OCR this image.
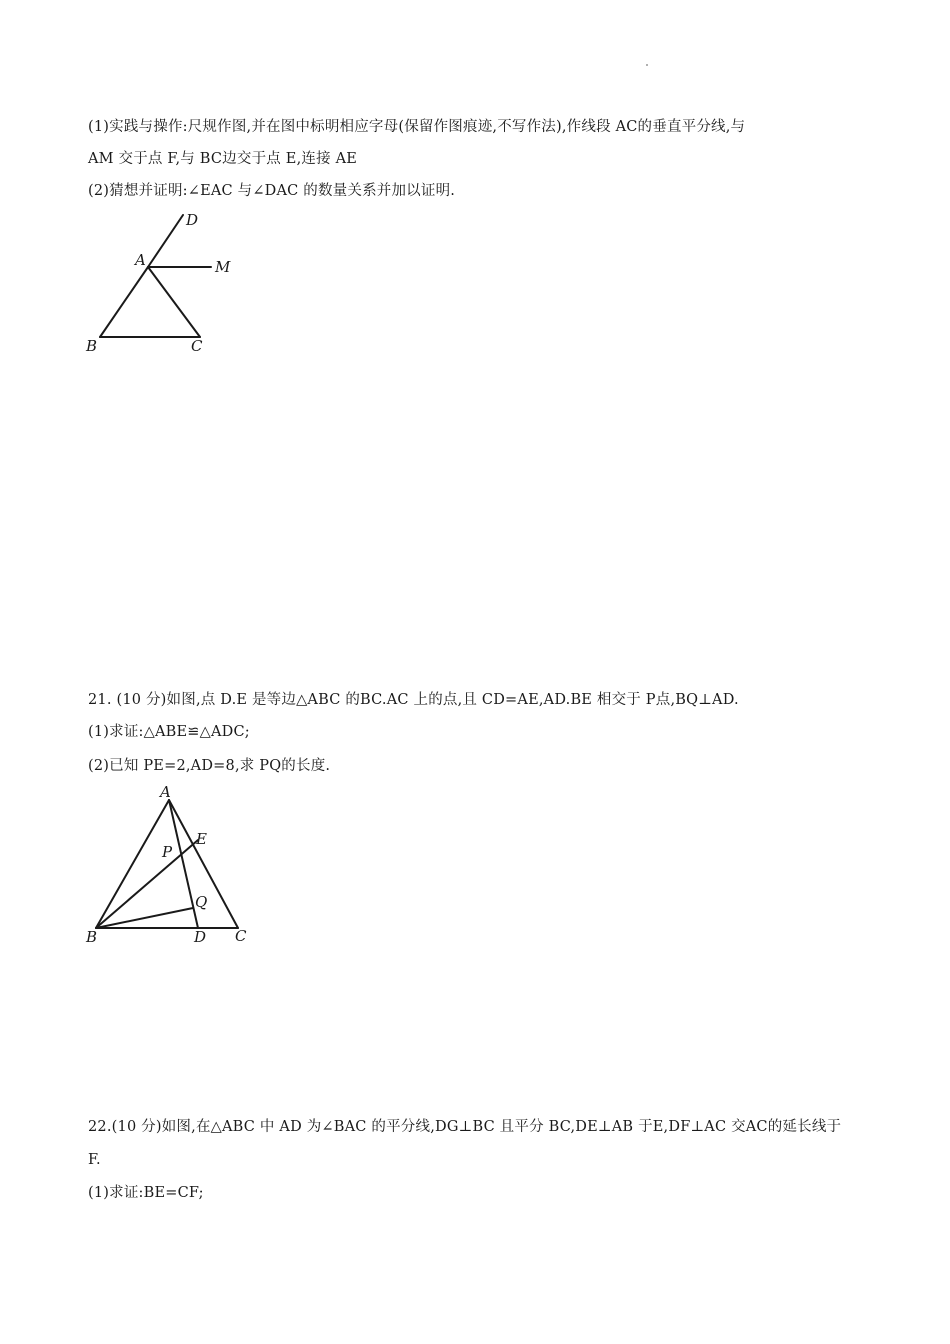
(1)实践与操作:尺规作图,并在图中标明相应字母(保留作图痕迹,不写作法),作线段 AC的垂直平分线,与
AM 交于点 F,与 BC边交于点 E,连接 AE
(2)猜想并证明:∠EAC 与∠DAC 的数量关系并加以证明.
A
D
M
B	C
21. (10 分)如图,点 D.E 是等边△ABC 的BC.AC 上的点,且 CD=AE,AD.BE 相交于 P点,BQ⊥AD.
(1)求证:△ABE≌△ADC;
(2)已知 PE=2,AD=8,求 PQ的长度.
A
E
P
Q
B	D C
22.(10 分)如图,在△ABC 中 AD 为∠BAC 的平分线,DG⊥BC 且平分 BC,DE⊥AB 于E,DF⊥AC 交AC的延长线于
F.
(1)求证:BE=CF;
